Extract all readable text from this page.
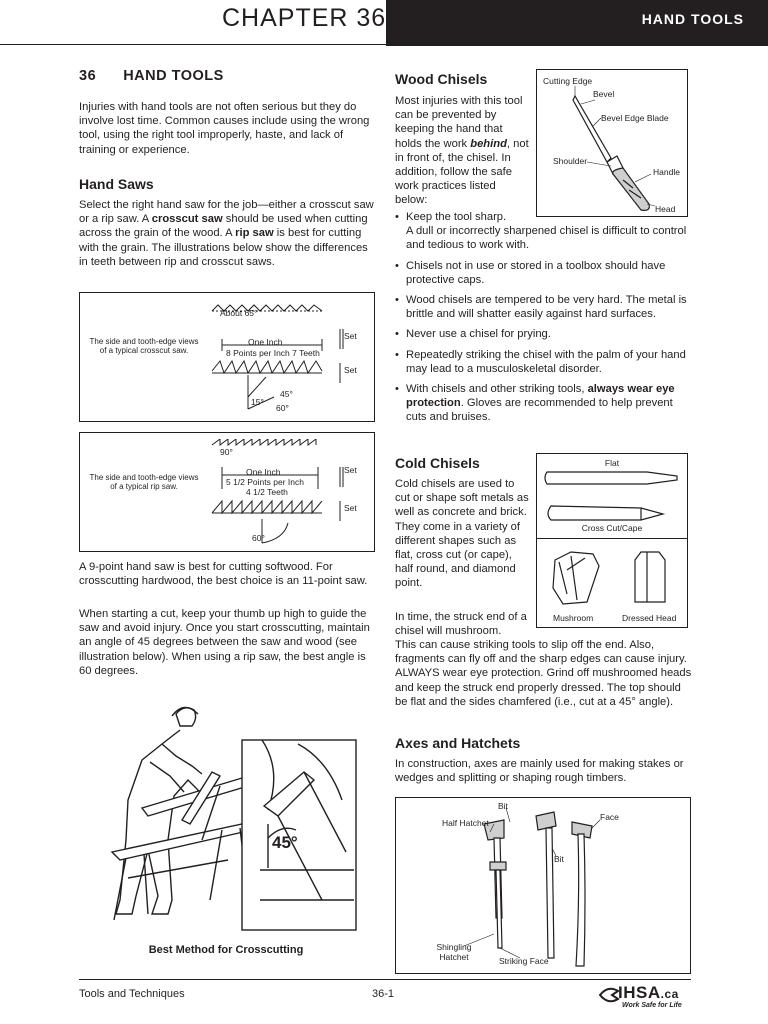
CHAPTER 36	HAND TOOLS
36 HAND TOOLS
Injuries with hand tools are not often serious but they do involve lost time. Common causes include using the wrong tool, using the right tool improperly, haste, and lack of training or experience.
Hand Saws
Select the right hand saw for the job—either a crosscut saw or a rip saw. A crosscut saw should be used when cutting across the grain of the wood. A rip saw is best for cutting with the grain. The illustrations below show the differences in teeth between rip and crosscut saws.
The side and tooth-edge views of a typical crosscut saw.
About 65°
One Inch
8 Points per Inch 7 Teeth
Set
Set
15°
45°
60°
The side and tooth-edge views of a typical rip saw.
90°
One Inch
5 1/2 Points per Inch
4 1/2 Teeth
Set
Set
60°
A 9-point hand saw is best for cutting softwood. For crosscutting hardwood, the best choice is an 11-point saw.
When starting a cut, keep your thumb up high to guide the saw and avoid injury. Once you start crosscutting, maintain an angle of 45 degrees between the saw and wood (see illustration below). When using a rip saw, the best angle is 60 degrees.
45°
Best Method for Crosscutting
Wood Chisels
Most injuries with this tool can be prevented by keeping the hand that holds the work behind, not in front of, the chisel. In addition, follow the safe work practices listed below:
Cutting Edge
Bevel
Bevel Edge Blade
Shoulder
Handle
Head
• Keep the tool sharp.
A dull or incorrectly sharpened chisel is difficult to control and tedious to work with.
• Chisels not in use or stored in a toolbox should have protective caps.
• Wood chisels are tempered to be very hard. The metal is brittle and will shatter easily against hard surfaces.
• Never use a chisel for prying.
• Repeatedly striking the chisel with the palm of your hand may lead to a musculoskeletal disorder.
• With chisels and other striking tools, always wear eye protection. Gloves are recommended to help prevent cuts and bruises.
Cold Chisels
Cold chisels are used to cut or shape soft metals as well as concrete and brick. They come in a variety of different shapes such as flat, cross cut (or cape), half round, and diamond point.
Flat
Cross Cut/Cape
Mushroom	Dressed Head
In time, the struck end of a chisel will mushroom.
This can cause striking tools to slip off the end. Also, fragments can fly off and the sharp edges can cause injury. ALWAYS wear eye protection. Grind off mushroomed heads and keep the struck end properly dressed. The top should be flat and the sides chamfered (i.e., cut at a 45° angle).
Axes and Hatchets
In construction, axes are mainly used for making stakes or wedges and splitting or shaping rough timbers.
Bit
Face
Half Hatchet
Bit
Shingling
Hatchet	Striking Face
Tools and Techniques	36-1	IHSA.ca
Work Safe for Life
